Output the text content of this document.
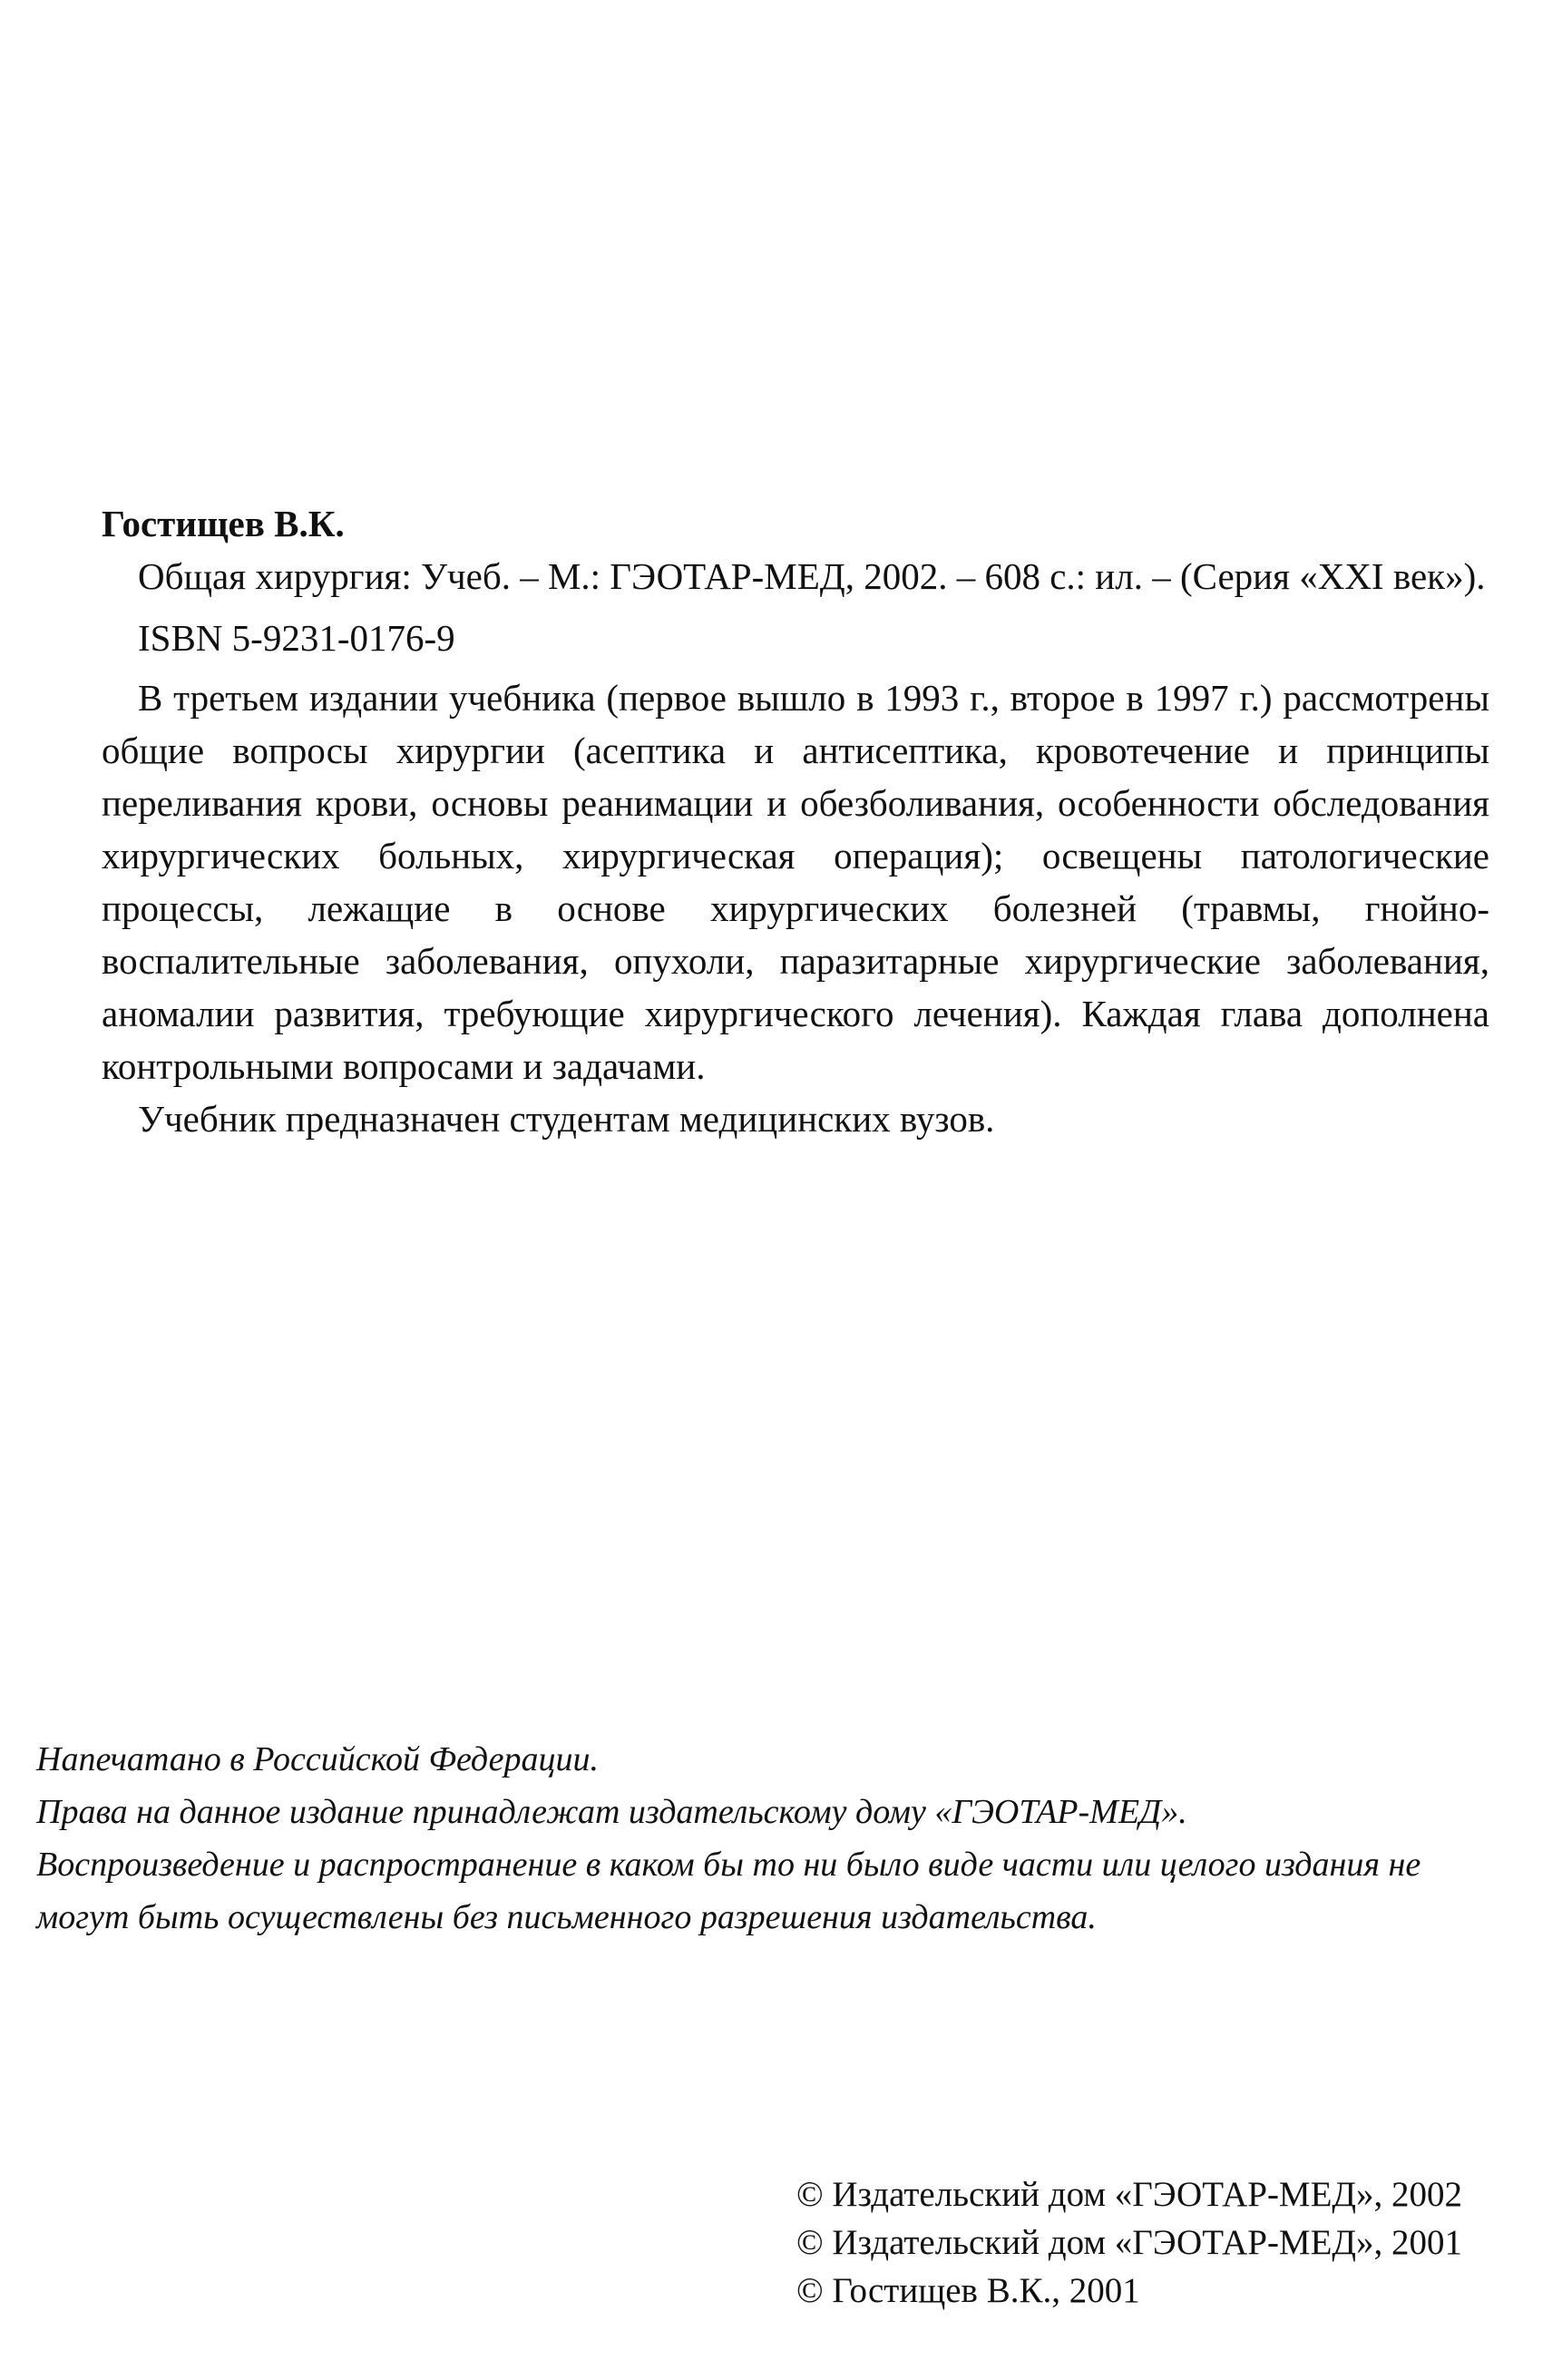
Гостищев В.К.

Общая хирургия: Учеб. – М.: ГЭОТАР-МЕД, 2002. – 608 с.: ил. – (Серия «XXI век»).

ISBN 5-9231-0176-9

В третьем издании учебника (первое вышло в 1993 г., второе в 1997 г.) рассмотрены общие вопросы хирургии (асептика и антисептика, кровотечение и принципы переливания крови, основы реанимации и обезболивания, особенности обследования хирургических больных, хирургическая операция); освещены патологические процессы, лежащие в основе хирургических болезней (травмы, гнойно-воспалительные заболевания, опухоли, паразитарные хирургические заболевания, аномалии развития, требующие хирургического лечения). Каждая глава дополнена контрольными вопросами и задачами.

Учебник предназначен студентам медицинских вузов.

Напечатано в Российской Федерации.

Права на данное издание принадлежат издательскому дому «ГЭОТАР-МЕД».

Воспроизведение и распространение в каком бы то ни было виде части или целого издания не могут быть осуществлены без письменного разрешения издательства.

© Издательский дом «ГЭОТАР-МЕД», 2002

© Издательский дом «ГЭОТАР-МЕД», 2001

© Гостищев В.К., 2001
